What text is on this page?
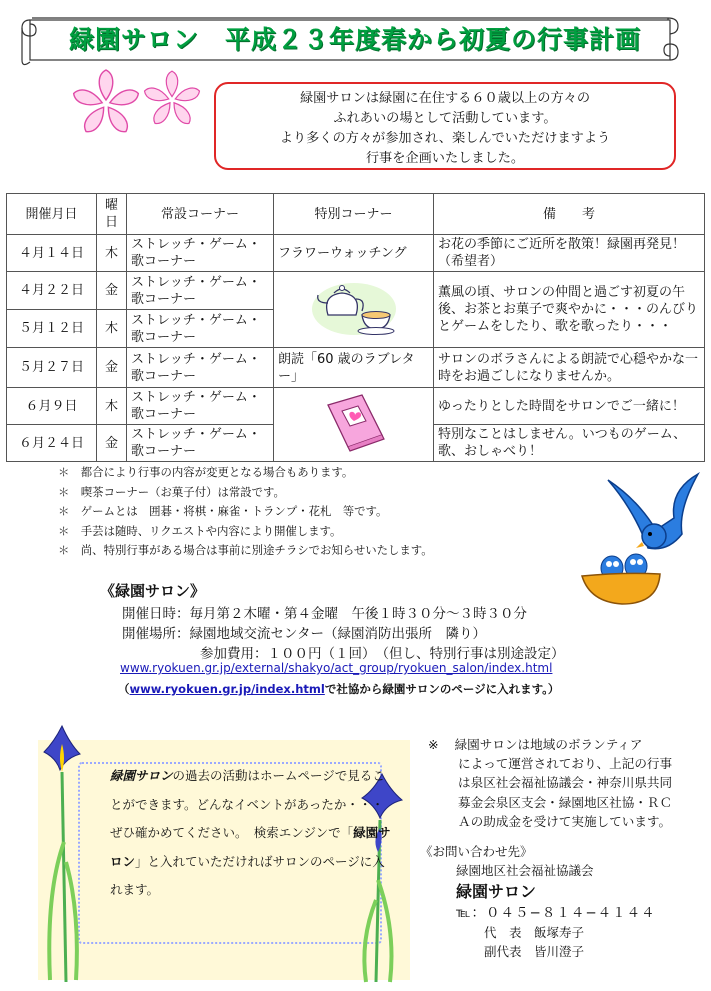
緑園サロン　平成２３年度春から初夏の行事計画
緑園サロンは緑園に在住する６０歳以上の方々の
ふれあいの場として活動しています。
より多くの方々が参加され、楽しんでいただけますよう
行事を企画いたしました。
開催月日	曜日	常設コーナー	特別コーナー	備　　考
４月１４日	木	ストレッチ・ゲーム・歌コーナー	フラワーウォッチング	お花の季節にご近所を散策！緑園再発見！（希望者）
４月２２日	金	ストレッチ・ゲーム・歌コーナー		薫風の頃、サロンの仲間と過ごす初夏の午後、お茶とお菓子で爽やかに・・・のんびりとゲームをしたり、歌を歌ったり・・・
５月１２日	木	ストレッチ・ゲーム・歌コーナー		
５月２７日	金	ストレッチ・ゲーム・歌コーナー	朗読「60 歳のラブレター」	サロンのボラさんによる朗読で心穏やかな一時をお過ごしになりませんか。
６月９日	木	ストレッチ・ゲーム・歌コーナー		ゆったりとした時間をサロンでご一緒に！
６月２４日	金	ストレッチ・ゲーム・歌コーナー		特別なことはしません。いつものゲーム、歌、おしゃべり！
＊　都合により行事の内容が変更となる場合もあります。
＊　喫茶コーナー（お菓子付）は常設です。
＊　ゲームとは　囲碁・将棋・麻雀・トランプ・花札　等です。
＊　手芸は随時、リクエストや内容により開催します。
＊　尚、特別行事がある場合は事前に別途チラシでお知らせいたします。
《緑園サロン》
開催日時：毎月第２木曜・第４金曜　午後１時３０分〜３時３０分
開催場所：緑園地域交流センター（緑園消防出張所　隣り）
参加費用：１００円（１回）　（但し、特別行事は別途設定）
www.ryokuen.gr.jp/external/shakyo/act_group/ryokuen_salon/index.html
（www.ryokuen.gr.jp/index.htmlで社協から緑園サロンのページに入れます。）
緑園サロンの過去の活動はホームページで見ることができます。どんなイベントがあったか・・・ぜひ確かめてください。　検索エンジンで「緑園サロン」と入れていただければサロンのページに入れます。
※ 緑園サロンは地域のボランティア
によって運営されており、上記の行事
は泉区社会福祉協議会・神奈川県共同
募金会泉区支会・緑園地区社協・ＲＣ
Ａの助成金を受けて実施しています。
《お問い合わせ先》
緑園地区社会福祉協議会
緑園サロン
℡：０４５−８１４−４１４４
代　表　飯塚寿子
副代表　皆川澄子
